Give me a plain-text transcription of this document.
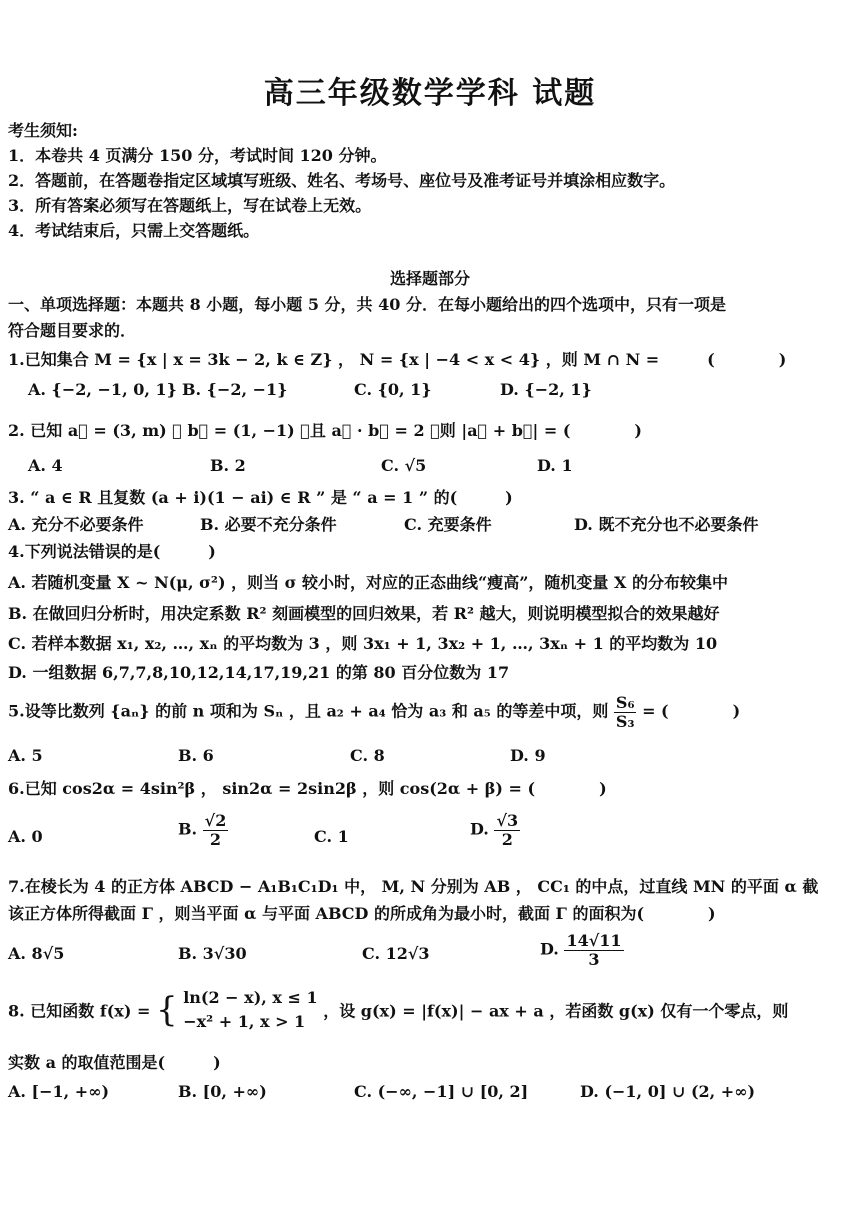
高三年级数学学科 试题
考生须知:
1．本卷共 4 页满分 150 分，考试时间 120 分钟。
2．答题前，在答题卷指定区域填写班级、姓名、考场号、座位号及准考证号并填涂相应数字。
3．所有答案必须写在答题纸上，写在试卷上无效。
4．考试结束后，只需上交答题纸。
选择题部分
一、单项选择题：本题共 8 小题，每小题 5 分，共 40 分．在每小题给出的四个选项中，只有一项是
符合题目要求的．
1.已知集合 M = {x | x = 3k − 2, k ∈ Z} ， N = {x | −4 < x < 4} ，则 M ∩ N =　　　(　　　　)
A. {−2, −1, 0, 1} B. {−2, −1}	C. {0, 1}	D. {−2, 1}
2. 已知 a⃗ = (3, m) ， b⃗ = (1, −1) ，且 a⃗ · b⃗ = 2 ，则 |a⃗ + b⃗| = (　　　　)
A. 4	B. 2	C. √5	D. 1
3. “ a ∈ R 且复数 (a + i)(1 − ai) ∈ R ” 是 “ a = 1 ” 的(　　　)
A. 充分不必要条件	B. 必要不充分条件	C. 充要条件	D. 既不充分也不必要条件
4.下列说法错误的是(　　　)
A. 若随机变量 X ~ N(μ, σ²) ，则当 σ 较小时，对应的正态曲线“瘦高”，随机变量 X 的分布较集中
B. 在做回归分析时，用决定系数 R² 刻画模型的回归效果，若 R² 越大，则说明模型拟合的效果越好
C. 若样本数据 x₁, x₂, …, xₙ 的平均数为 3 ，则 3x₁ + 1, 3x₂ + 1, …, 3xₙ + 1 的平均数为 10
D. 一组数据 6,7,7,8,10,12,14,17,19,21 的第 80 百分位数为 17
5.设等比数列 {aₙ} 的前 n 项和为 Sₙ ，且 a₂ + a₄ 恰为 a₃ 和 a₅ 的等差中项，则 $\frac{\text{S₆}}{\text{S₃}}$ = (　　　　)
A. 5	B. 6	C. 8	D. 9
6.已知 cos2α = 4sin²β ， sin2α = 2sin2β ，则 cos(2α + β) = (　　　　)
A. 0	B. $\frac{√2}{2}$	C. 1	D. $\frac{√3}{2}$
7.在棱长为 4 的正方体 ABCD − A₁B₁C₁D₁ 中， M, N 分别为 AB ， CC₁ 的中点，过直线 MN 的平面 α 截
该正方体所得截面 Γ ，则当平面 α 与平面 ABCD 的所成角为最小时，截面 Γ 的面积为(　　　　)
A. 8√5	B. 3√30	C. 12√3	D. $\frac{14√11}{3}$
8. 已知函数 f(x) = { ln(2 − x), x ≤ 1
−x² + 1, x > 1
，设 g(x) = |f(x)| − ax + a ，若函数 g(x) 仅有一个零点，则
实数 a 的取值范围是(　　　)
A. [−1, +∞)	B. [0, +∞)	C. (−∞, −1] ∪ [0, 2]	D. (−1, 0] ∪ (2, +∞)
